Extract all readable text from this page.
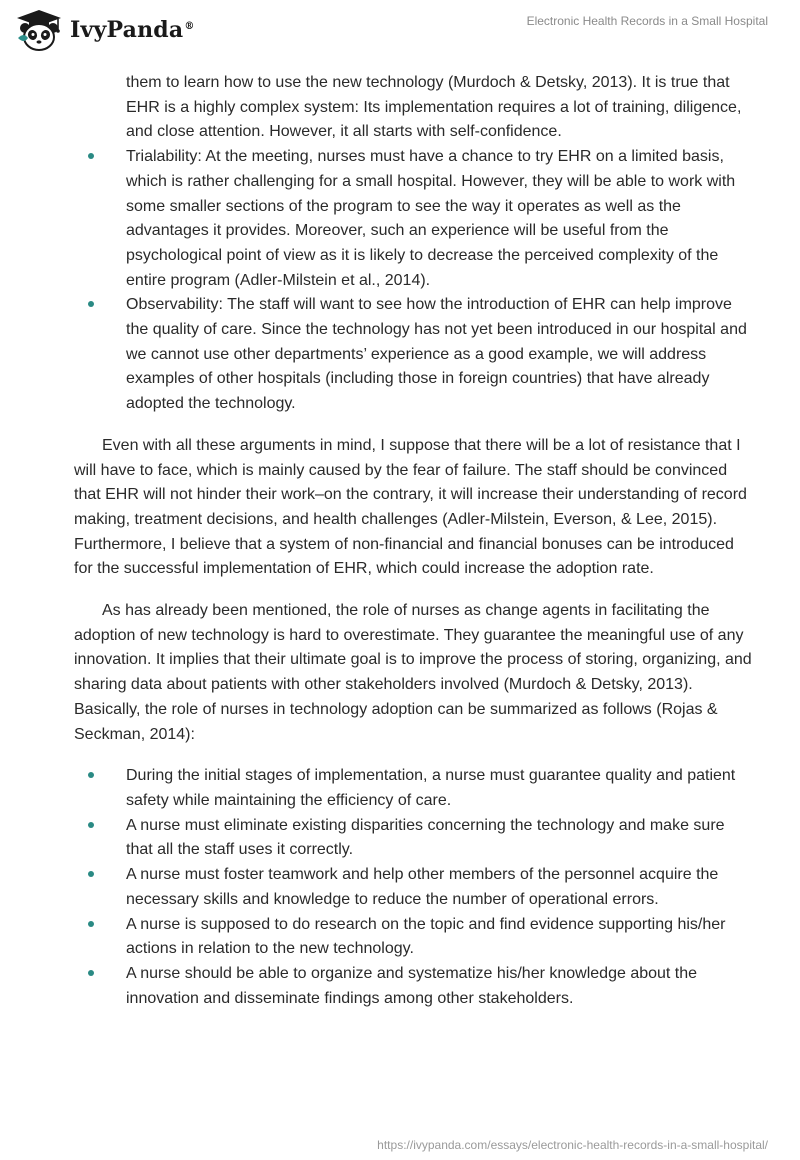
IvyPanda®	Electronic Health Records in a Small Hospital
them to learn how to use the new technology (Murdoch & Detsky, 2013). It is true that EHR is a highly complex system: Its implementation requires a lot of training, diligence, and close attention. However, it all starts with self-confidence.
Trialability: At the meeting, nurses must have a chance to try EHR on a limited basis, which is rather challenging for a small hospital. However, they will be able to work with some smaller sections of the program to see the way it operates as well as the advantages it provides. Moreover, such an experience will be useful from the psychological point of view as it is likely to decrease the perceived complexity of the entire program (Adler-Milstein et al., 2014).
Observability: The staff will want to see how the introduction of EHR can help improve the quality of care. Since the technology has not yet been introduced in our hospital and we cannot use other departments’ experience as a good example, we will address examples of other hospitals (including those in foreign countries) that have already adopted the technology.

Even with all these arguments in mind, I suppose that there will be a lot of resistance that I will have to face, which is mainly caused by the fear of failure. The staff should be convinced that EHR will not hinder their work–on the contrary, it will increase their understanding of record making, treatment decisions, and health challenges (Adler-Milstein, Everson, & Lee, 2015). Furthermore, I believe that a system of non-financial and financial bonuses can be introduced for the successful implementation of EHR, which could increase the adoption rate.

As has already been mentioned, the role of nurses as change agents in facilitating the adoption of new technology is hard to overestimate. They guarantee the meaningful use of any innovation. It implies that their ultimate goal is to improve the process of storing, organizing, and sharing data about patients with other stakeholders involved (Murdoch & Detsky, 2013). Basically, the role of nurses in technology adoption can be summarized as follows (Rojas & Seckman, 2014):

During the initial stages of implementation, a nurse must guarantee quality and patient safety while maintaining the efficiency of care.
A nurse must eliminate existing disparities concerning the technology and make sure that all the staff uses it correctly.
A nurse must foster teamwork and help other members of the personnel acquire the necessary skills and knowledge to reduce the number of operational errors.
A nurse is supposed to do research on the topic and find evidence supporting his/her actions in relation to the new technology.
A nurse should be able to organize and systematize his/her knowledge about the innovation and disseminate findings among other stakeholders.
https://ivypanda.com/essays/electronic-health-records-in-a-small-hospital/
